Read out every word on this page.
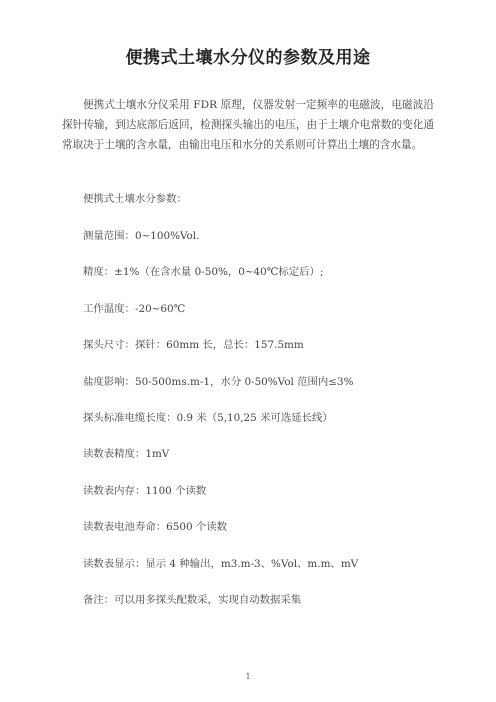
便携式土壤水分仪的参数及用途

便携式土壤水分仪采用 FDR 原理，仪器发射一定频率的电磁波，电磁波沿探针传输，到达底部后返回，检测探头输出的电压，由于土壤介电常数的变化通常取决于土壤的含水量，由输出电压和水分的关系则可计算出土壤的含水量。

便携式土壤水分参数：

测量范围：0~100%Vol.

精度：±1%（在含水量 0-50%，0~40℃标定后）;

工作温度：-20~60℃

探头尺寸：探针：60mm 长，总长：157.5mm

盐度影响：50-500ms.m-1，水分 0-50%Vol 范围内≤3%

探头标准电缆长度：0.9 米（5,10,25 米可选延长线）

读数表精度：1mV

读数表内存：1100 个读数

读数表电池寿命：6500 个读数

读数表显示：显示 4 种输出，m3.m-3、%Vol、m.m、mV

备注：可以用多探头配数采，实现自动数据采集

1
